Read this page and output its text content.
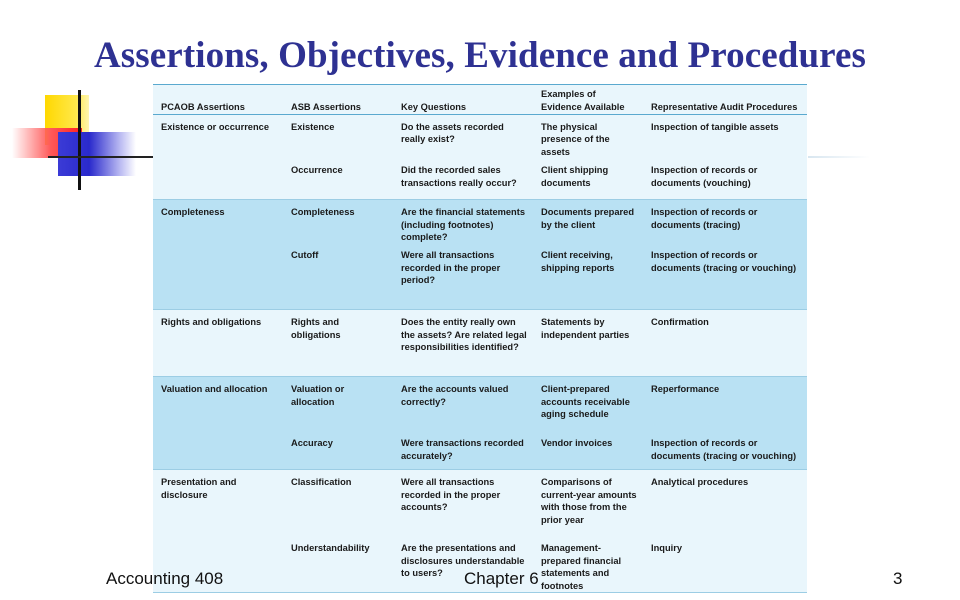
Assertions, Objectives, Evidence and Procedures
PCAOB Assertions	ASB Assertions	Key Questions	Examples of Evidence Available	Representative Audit Procedures
Existence or occurrence	Existence	Do the assets recorded really exist?	The physical presence of the assets	Inspection of tangible assets
	Occurrence	Did the recorded sales transactions really occur?	Client shipping documents	Inspection of records or documents (vouching)
Completeness	Completeness	Are the financial statements (including footnotes) complete?	Documents prepared by the client	Inspection of records or documents (tracing)
	Cutoff	Were all transactions recorded in the proper period?	Client receiving, shipping reports	Inspection of records or documents (tracing or vouching)
Rights and obligations	Rights and obligations	Does the entity really own the assets? Are related legal responsibilities identified?	Statements by independent parties	Confirmation
Valuation and allocation	Valuation or allocation	Are the accounts valued correctly?	Client-prepared accounts receivable aging schedule	Reperformance
	Accuracy	Were transactions recorded accurately?	Vendor invoices	Inspection of records or documents (tracing or vouching)
Presentation and disclosure	Classification	Were all transactions recorded in the proper accounts?	Comparisons of current-year amounts with those from the prior year	Analytical procedures
	Understandability	Are the presentations and disclosures understandable to users?	Management-prepared financial statements and footnotes	Inquiry
Accounting 408	Chapter 6	3
